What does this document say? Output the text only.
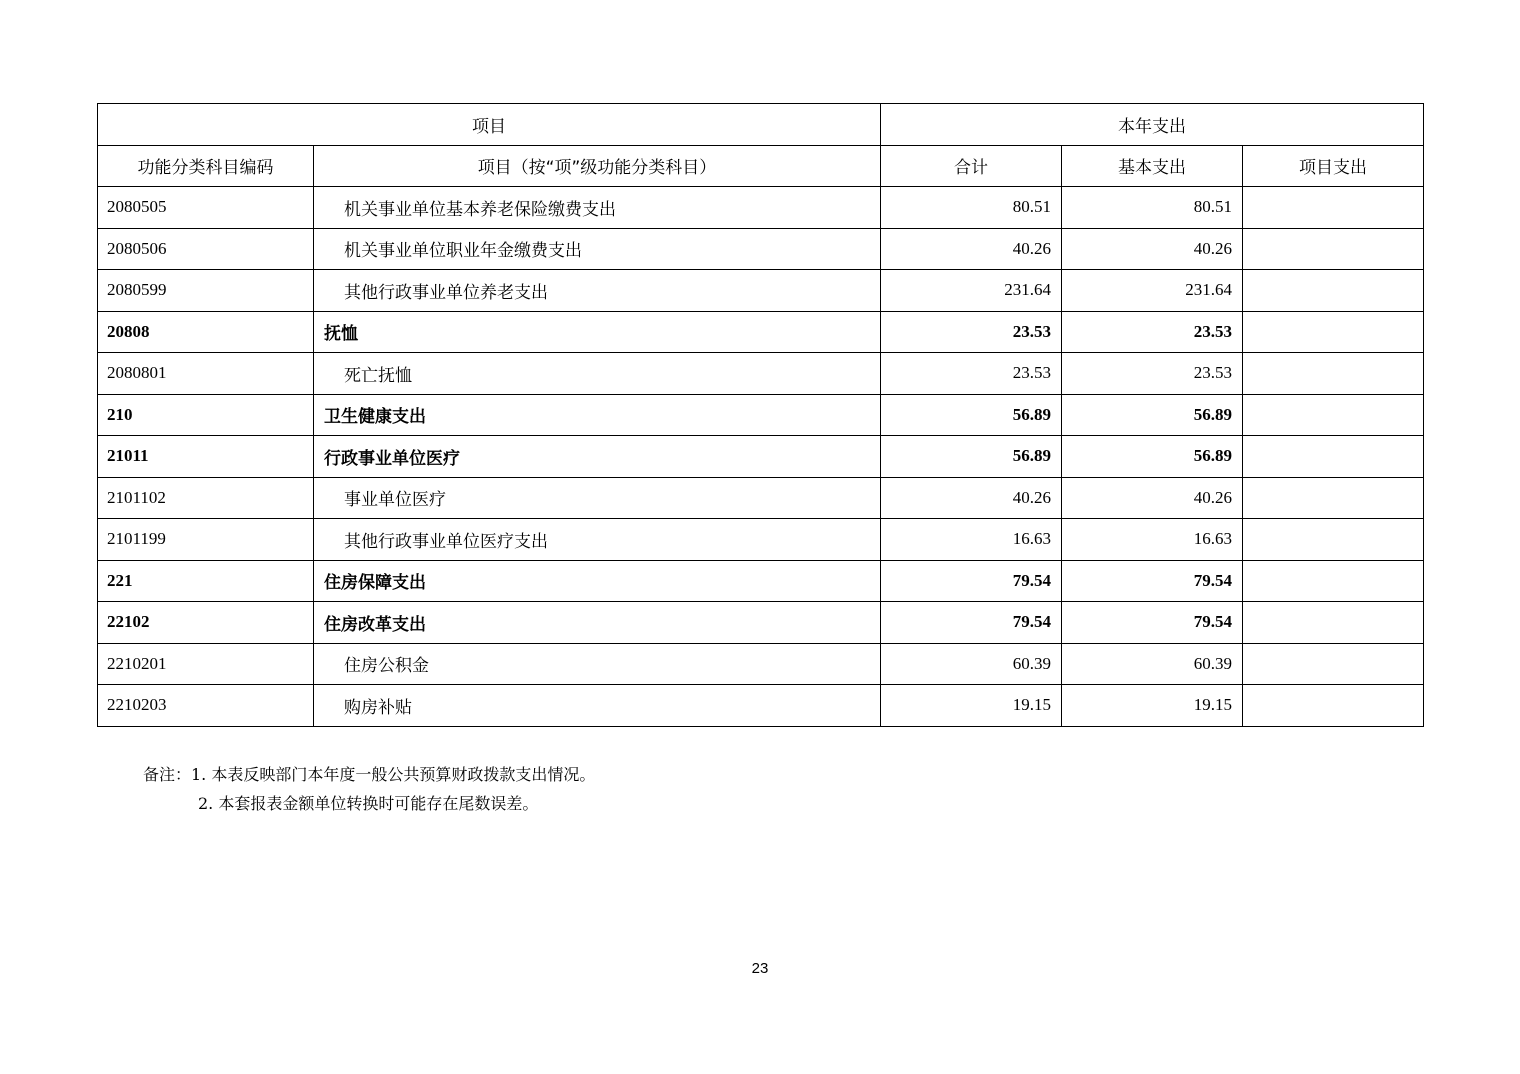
项目		本年支出		
功能分类科目编码	项目（按“项”级功能分类科目）	合计	基本支出	项目支出
2080505	机关事业单位基本养老保险缴费支出	80.51	80.51	
2080506	机关事业单位职业年金缴费支出	40.26	40.26	
2080599	其他行政事业单位养老支出	231.64	231.64	
20808	抚恤	23.53	23.53	
2080801	死亡抚恤	23.53	23.53	
210	卫生健康支出	56.89	56.89	
21011	行政事业单位医疗	56.89	56.89	
2101102	事业单位医疗	40.26	40.26	
2101199	其他行政事业单位医疗支出	16.63	16.63	
221	住房保障支出	79.54	79.54	
22102	住房改革支出	79.54	79.54	
2210201	住房公积金	60.39	60.39	
2210203	购房补贴	19.15	19.15	
备注：1. 本表反映部门本年度一般公共预算财政拨款支出情况。
2. 本套报表金额单位转换时可能存在尾数误差。
23
